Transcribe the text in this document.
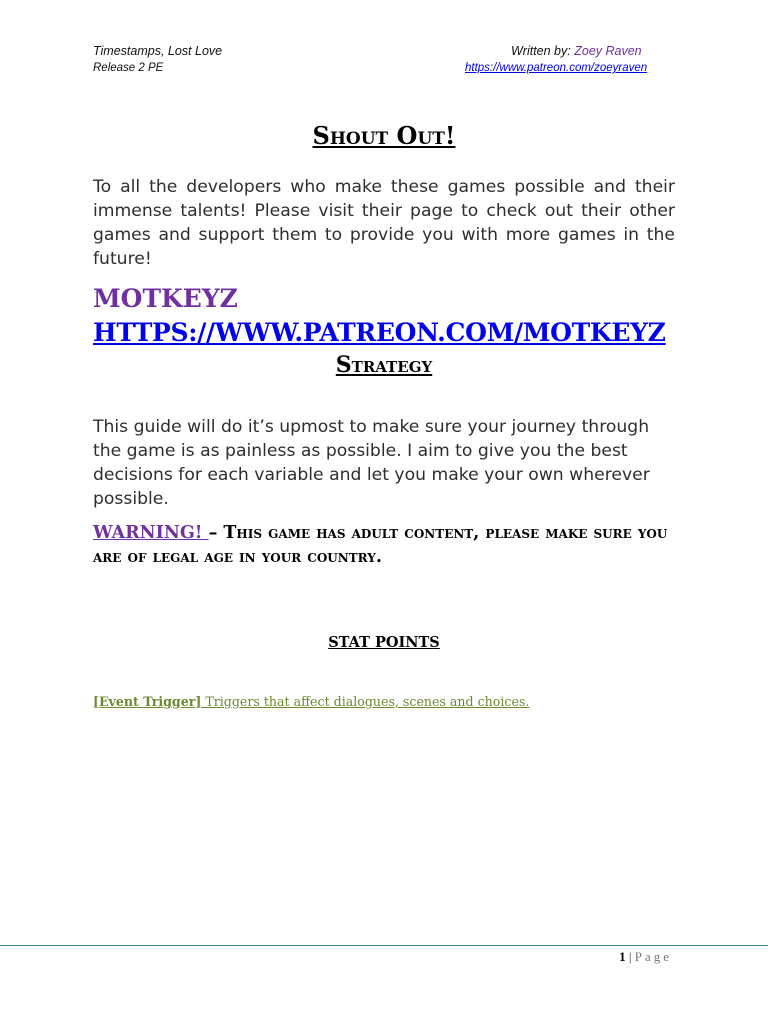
Timestamps, Lost Love
Release 2 PE
Written by: Zoey Raven
https://www.patreon.com/zoeyraven
Shout Out!
To all the developers who make these games possible and their immense talents! Please visit their page to check out their other games and support them to provide you with more games in the future!
MOTKEYZ
HTTPS://WWW.PATREON.COM/MOTKEYZ
Strategy
This guide will do it’s upmost to make sure your journey through the game is as painless as possible. I aim to give you the best decisions for each variable and let you make your own wherever possible.
WARNING! – This game has adult content, please make sure you are of legal age in your country.
STAT POINTS
[Event Trigger] Triggers that affect dialogues, scenes and choices.
1 | Page
